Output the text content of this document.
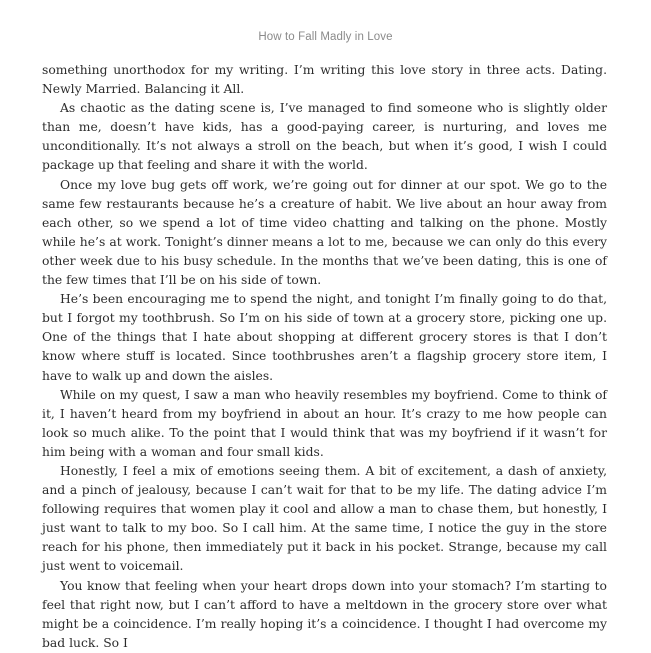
How to Fall Madly in Love

something unorthodox for my writing. I’m writing this love story in three acts. Dating. Newly Married. Balancing it All.

As chaotic as the dating scene is, I’ve managed to find someone who is slightly older than me, doesn’t have kids, has a good-paying career, is nurturing, and loves me unconditionally. It’s not always a stroll on the beach, but when it’s good, I wish I could package up that feeling and share it with the world.

Once my love bug gets off work, we’re going out for dinner at our spot. We go to the same few restaurants because he’s a creature of habit. We live about an hour away from each other, so we spend a lot of time video chatting and talking on the phone. Mostly while he’s at work. Tonight’s dinner means a lot to me, because we can only do this every other week due to his busy schedule. In the months that we’ve been dating, this is one of the few times that I’ll be on his side of town.

He’s been encouraging me to spend the night, and tonight I’m finally going to do that, but I forgot my toothbrush. So I’m on his side of town at a grocery store, picking one up. One of the things that I hate about shopping at different grocery stores is that I don’t know where stuff is located. Since toothbrushes aren’t a flagship grocery store item, I have to walk up and down the aisles.

While on my quest, I saw a man who heavily resembles my boyfriend. Come to think of it, I haven’t heard from my boyfriend in about an hour. It’s crazy to me how people can look so much alike. To the point that I would think that was my boyfriend if it wasn’t for him being with a woman and four small kids.

Honestly, I feel a mix of emotions seeing them. A bit of excitement, a dash of anxiety, and a pinch of jealousy, because I can’t wait for that to be my life. The dating advice I’m following requires that women play it cool and allow a man to chase them, but honestly, I just want to talk to my boo. So I call him. At the same time, I notice the guy in the store reach for his phone, then immediately put it back in his pocket. Strange, because my call just went to voicemail.

You know that feeling when your heart drops down into your stomach? I’m starting to feel that right now, but I can’t afford to have a meltdown in the grocery store over what might be a coincidence. I’m really hoping it’s a coincidence. I thought I had overcome my bad luck. So I
